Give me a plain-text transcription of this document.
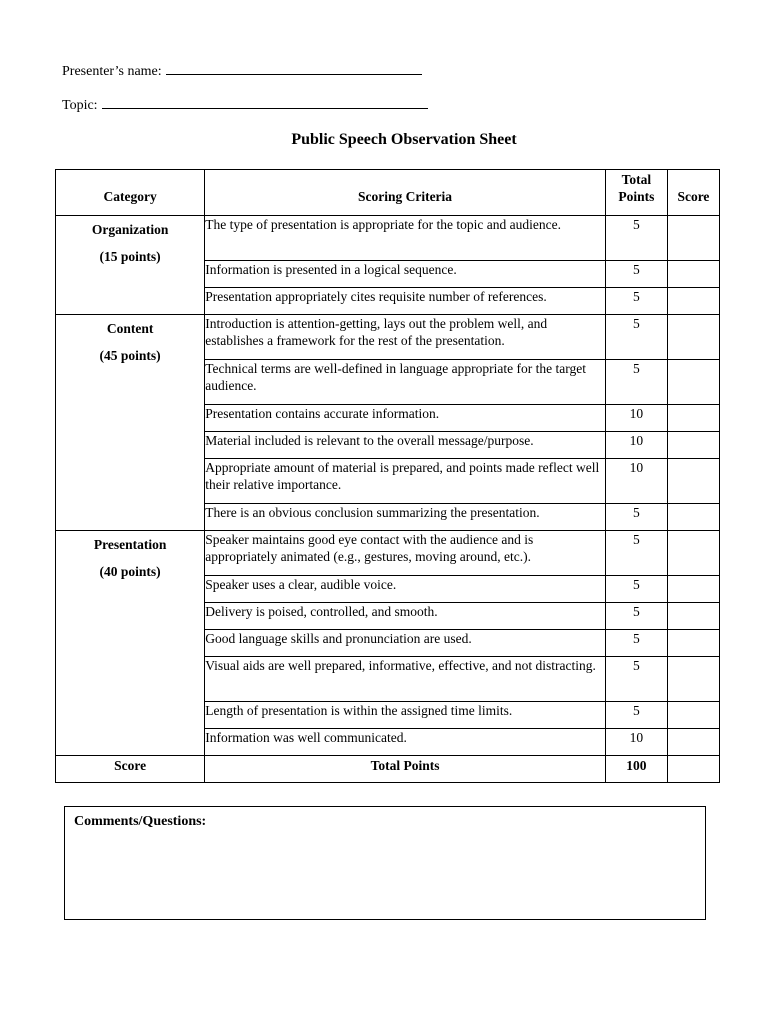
Presenter’s name:
Topic:
Public Speech Observation Sheet
Category	Scoring Criteria	Total Points	Score

Organization
(15 points)	The type of presentation is appropriate for the topic and audience.	5	
	Information is presented in a logical sequence.	5	
	Presentation appropriately cites requisite number of references.	5	

Content
(45 points)	Introduction is attention-getting, lays out the problem well, and establishes a framework for the rest of the presentation.	5	
	Technical terms are well-defined in language appropriate for the target audience.	5	
	Presentation contains accurate information.	10	
	Material included is relevant to the overall message/purpose.	10	
	Appropriate amount of material is prepared, and points made reflect well their relative importance.	10	
	There is an obvious conclusion summarizing the presentation.	5	

Presentation
(40 points)	Speaker maintains good eye contact with the audience and is appropriately animated (e.g., gestures, moving around, etc.).	5	
	Speaker uses a clear, audible voice.	5	
	Delivery is poised, controlled, and smooth.	5	
	Good language skills and pronunciation are used.	5	
	Visual aids are well prepared, informative, effective, and not distracting.	5	
	Length of presentation is within the assigned time limits.	5	
	Information was well communicated.	10	
Score	Total Points	100	
Comments/Questions:
